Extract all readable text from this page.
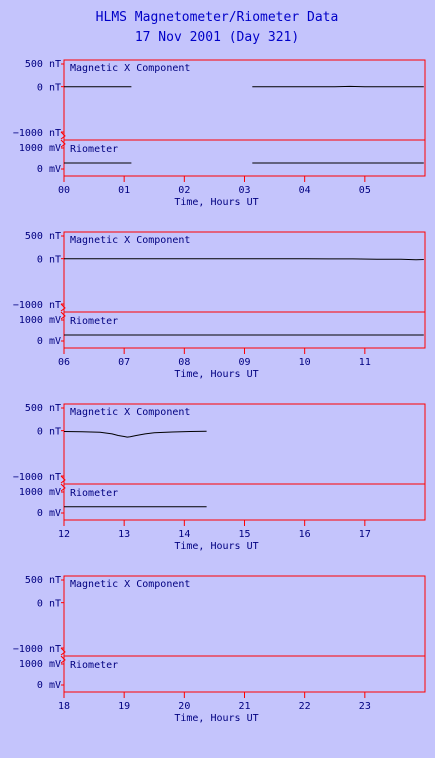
HLMS Magnetometer/Riometer Data
17 Nov 2001 (Day 321)
Magnetic X Component
Riometer
500 nT
0 nT
−1000 nT
1000 mV
0 mV
00	01	02	03	04	05
Time, Hours UT
Magnetic X Component
Riometer
500 nT
0 nT
−1000 nT
1000 mV
0 mV
06	07	08	09	10	11
Time, Hours UT
Magnetic X Component
Riometer
500 nT
0 nT
−1000 nT
1000 mV
0 mV
12	13	14	15	16	17
Time, Hours UT
Magnetic X Component
Riometer
500 nT
0 nT
−1000 nT
1000 mV
0 mV
18	19	20	21	22	23
Time, Hours UT
